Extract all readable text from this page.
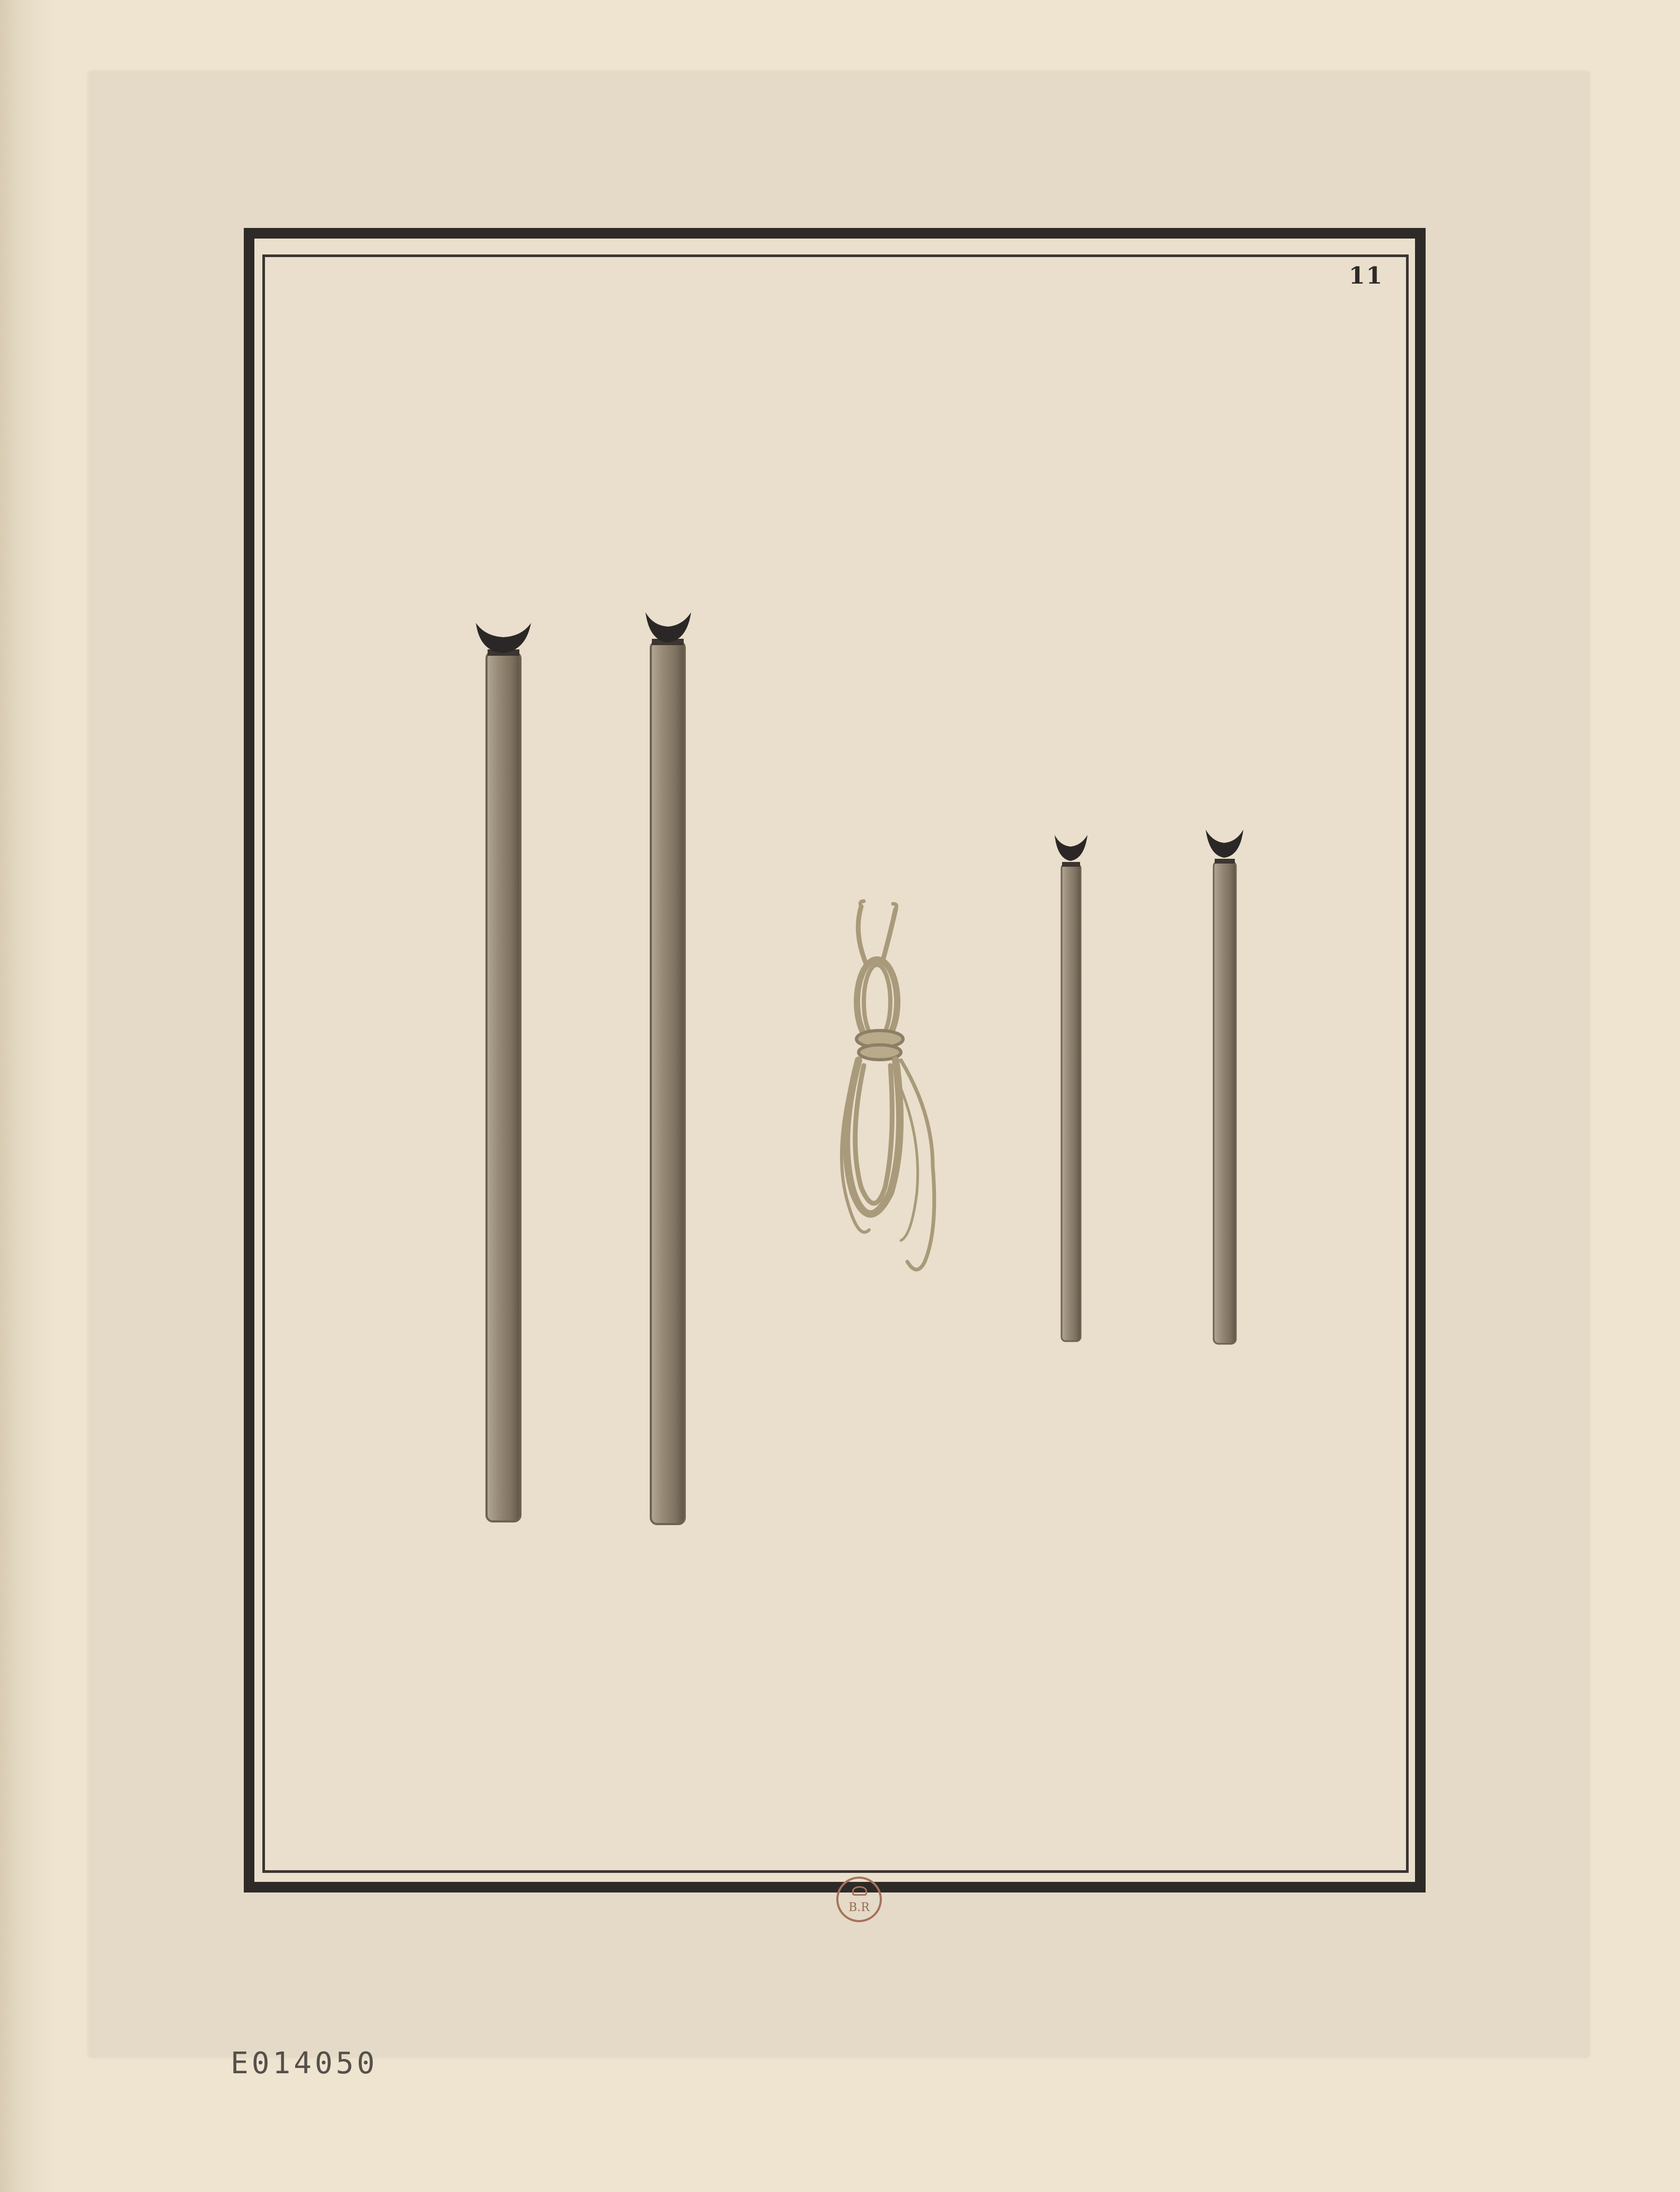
11
B.R
E014050
